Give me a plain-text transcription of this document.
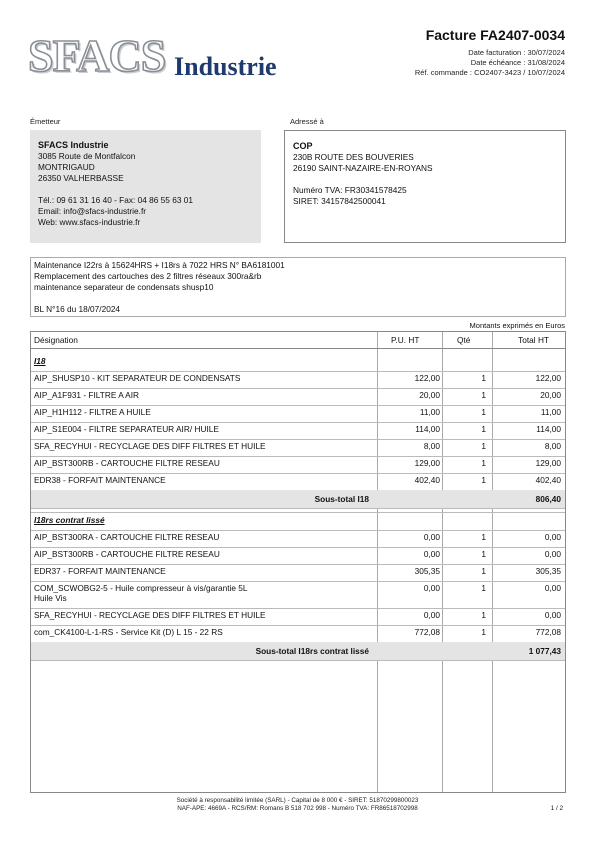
SFACS Industrie
Facture FA2407-0034
Date facturation : 30/07/2024
Date échéance : 31/08/2024
Réf. commande : CO2407-3423 / 10/07/2024
Émetteur	Adressé à
SFACS Industrie
3085 Route de Montfalcon
MONTRIGAUD
26350 VALHERBASSE
Tél.: 09 61 31 16 40 - Fax: 04 86 55 63 01
Email: info@sfacs-industrie.fr
Web: www.sfacs-industrie.fr
COP
230B ROUTE DES BOUVERIES
26190 SAINT-NAZAIRE-EN-ROYANS
Numéro TVA: FR30341578425
SIRET: 34157842500041
Maintenance I22rs à 15624HRS + I18rs à 7022 HRS N° BA6181001
Remplacement des cartouches des 2 filtres réseaux 300ra&rb
maintenance separateur de condensats shusp10
BL N°16 du 18/07/2024
Montants exprimés en Euros
Désignation	P.U. HT	Qté	Total HT
I18
AIP_SHUSP10 - KIT SEPARATEUR DE CONDENSATS	122,00	1	122,00
AIP_A1F931 - FILTRE A AIR	20,00	1	20,00
AIP_H1H112 - FILTRE A HUILE	11,00	1	11,00
AIP_S1E004 - FILTRE SEPARATEUR AIR/ HUILE	114,00	1	114,00
SFA_RECYHUI - RECYCLAGE DES DIFF FILTRES ET HUILE	8,00	1	8,00
AIP_BST300RB - CARTOUCHE FILTRE RESEAU	129,00	1	129,00
EDR38 - FORFAIT MAINTENANCE	402,40	1	402,40
Sous-total I18	806,40
I18rs contrat lissé
AIP_BST300RA - CARTOUCHE FILTRE RESEAU	0,00	1	0,00
AIP_BST300RB - CARTOUCHE FILTRE RESEAU	0,00	1	0,00
EDR37 - FORFAIT MAINTENANCE	305,35	1	305,35
COM_SCWOBG2-5 - Huile compresseur à vis/garantie 5L
Huile Vis
0,00	1	0,00
SFA_RECYHUI - RECYCLAGE DES DIFF FILTRES ET HUILE	0,00	1	0,00
com_CK4100-L-1-RS - Service Kit (D) L 15 - 22 RS	772,08	1	772,08
Sous-total I18rs contrat lissé	1 077,43
Société à responsabilité limitée (SARL) - Capital de 8 000 € - SIRET: 51870299800023
NAF-APE: 4669A - RCS/RM: Romans B 518 702 998 - Numéro TVA: FR86518702998	1 / 2
